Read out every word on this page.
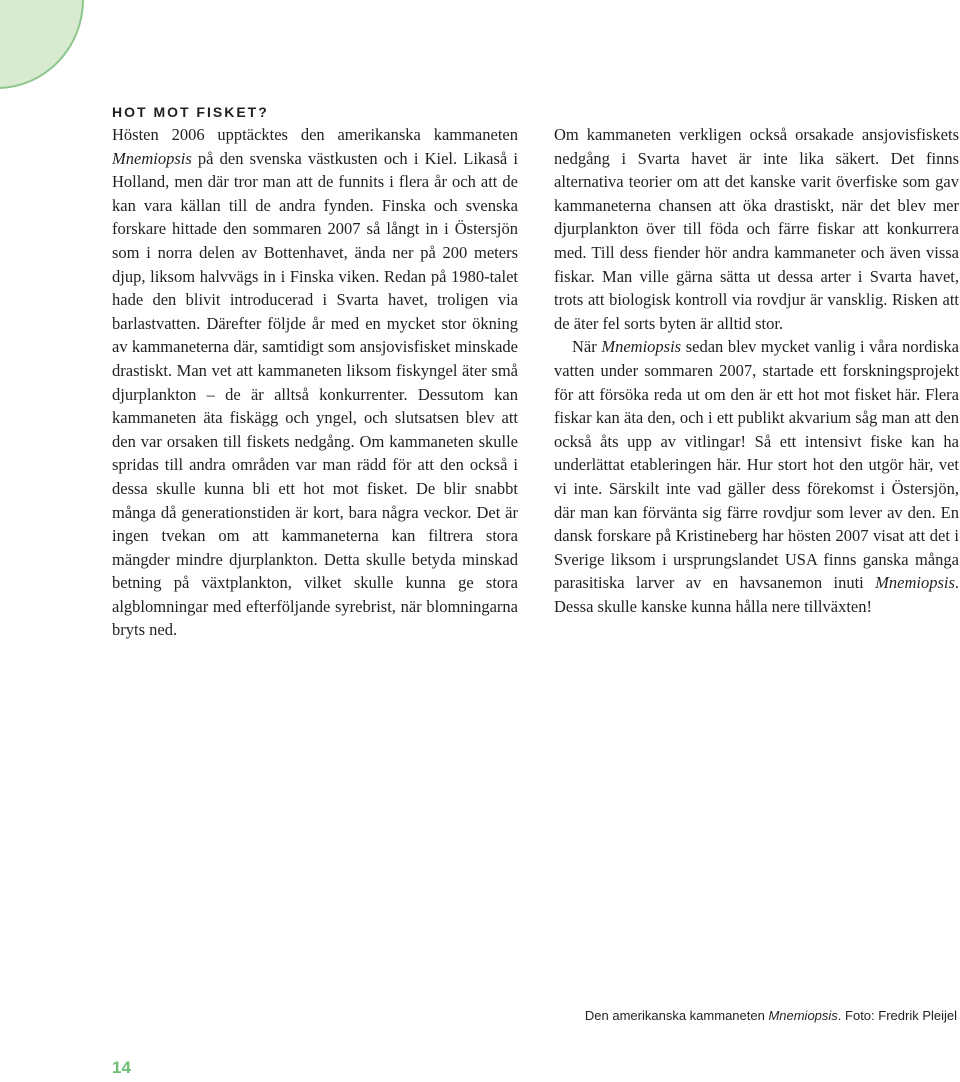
HOT MOT FISKET?

Hösten 2006 upptäcktes den amerikanska kammaneten Mnemiopsis på den svenska västkusten och i Kiel. Likaså i Holland, men där tror man att de funnits i flera år och att de kan vara källan till de andra fynden. Finska och svenska forskare hittade den sommaren 2007 så långt in i Östersjön som i norra delen av Bottenhavet, ända ner på 200 meters djup, liksom halvvägs in i Finska viken. Redan på 1980-talet hade den blivit introducerad i Svarta havet, troligen via barlastvatten. Därefter följde år med en mycket stor ökning av kammaneterna där, samtidigt som ansjovisfisket minskade drastiskt. Man vet att kammaneten liksom fiskyngel äter små djurplankton – de är alltså konkurrenter. Dessutom kan kammaneten äta fiskägg och yngel, och slutsatsen blev att den var orsaken till fiskets nedgång. Om kammaneten skulle spridas till andra områden var man rädd för att den också i dessa skulle kunna bli ett hot mot fisket. De blir snabbt många då generationstiden är kort, bara några veckor. Det är ingen tvekan om att kammaneterna kan filtrera stora mängder mindre djurplankton. Detta skulle betyda minskad betning på växtplankton, vilket skulle kunna ge stora algblomningar med efterföljande syrebrist, när blomningarna bryts ned.

Om kammaneten verkligen också orsakade ansjovisfiskets nedgång i Svarta havet är inte lika säkert. Det finns alternativa teorier om att det kanske varit överfiske som gav kammaneterna chansen att öka drastiskt, när det blev mer djurplankton över till föda och färre fiskar att konkurrera med. Till dess fiender hör andra kammaneter och även vissa fiskar. Man ville gärna sätta ut dessa arter i Svarta havet, trots att biologisk kontroll via rovdjur är vansklig. Risken att de äter fel sorts byten är alltid stor.

När Mnemiopsis sedan blev mycket vanlig i våra nordiska vatten under sommaren 2007, startade ett forskningsprojekt för att försöka reda ut om den är ett hot mot fisket här. Flera fiskar kan äta den, och i ett publikt akvarium såg man att den också åts upp av vitlingar! Så ett intensivt fiske kan ha underlättat etableringen här. Hur stort hot den utgör här, vet vi inte. Särskilt inte vad gäller dess förekomst i Östersjön, där man kan förvänta sig färre rovdjur som lever av den. En dansk forskare på Kristineberg har hösten 2007 visat att det i Sverige liksom i ursprungslandet USA finns ganska många parasitiska larver av en havsanemon inuti Mnemiopsis. Dessa skulle kanske kunna hålla nere tillväxten!

Den amerikanska kammaneten Mnemiopsis. Foto: Fredrik Pleijel
14
